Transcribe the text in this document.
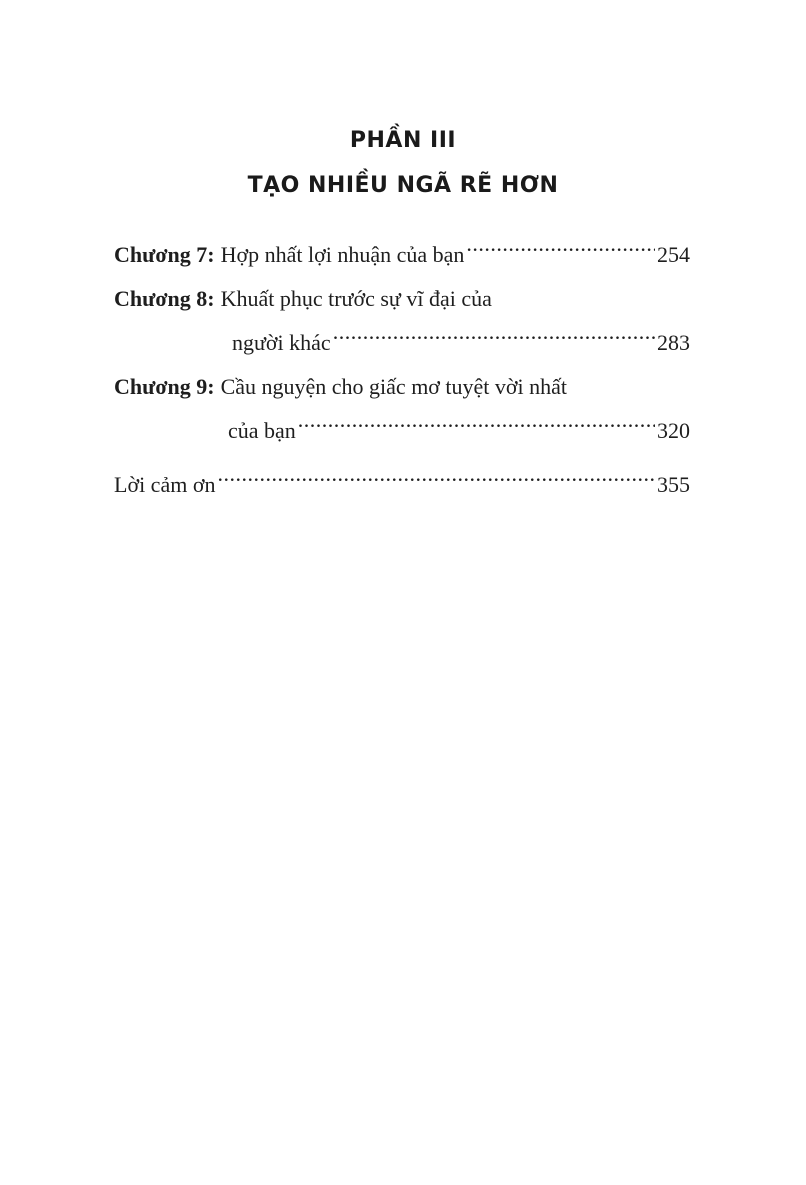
PHẦN III
TẠO NHIỀU NGÃ RẼ HƠN
Chương 7: Hợp nhất lợi nhuận của bạn .....	254
Chương 8: Khuất phục trước sự vĩ đại của
người khác .....	283
Chương 9: Cầu nguyện cho giấc mơ tuyệt vời nhất
của bạn .....	320
Lời cảm ơn .....	355
